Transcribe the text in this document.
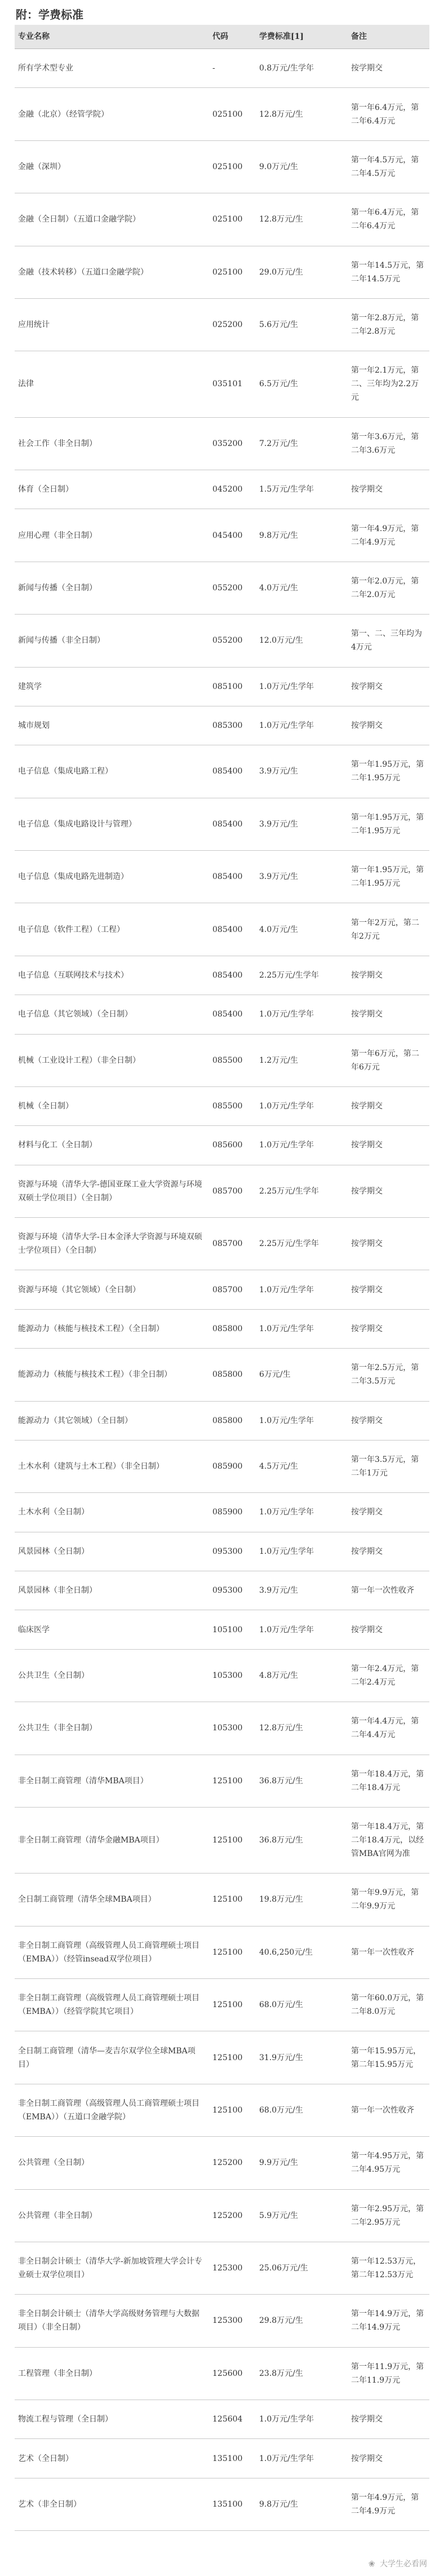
附：学费标准
专业名称	代码	学费标准[1]	备注
所有学术型专业	-	0.8万元/生学年	按学期交
金融（北京）（经管学院）	025100	12.8万元/生	第一年6.4万元，第二年6.4万元
金融（深圳）	025100	9.0万元/生	第一年4.5万元，第二年4.5万元
金融（全日制）（五道口金融学院）	025100	12.8万元/生	第一年6.4万元，第二年6.4万元
金融（技术转移）（五道口金融学院）	025100	29.0万元/生	第一年14.5万元，第二年14.5万元
应用统计	025200	5.6万元/生	第一年2.8万元，第二年2.8万元
法律	035101	6.5万元/生	第一年2.1万元，第二、三年均为2.2万元
社会工作（非全日制）	035200	7.2万元/生	第一年3.6万元，第二年3.6万元
体育（全日制）	045200	1.5万元/生学年	按学期交
应用心理（非全日制）	045400	9.8万元/生	第一年4.9万元，第二年4.9万元
新闻与传播（全日制）	055200	4.0万元/生	第一年2.0万元，第二年2.0万元
新闻与传播（非全日制）	055200	12.0万元/生	第一、二、三年均为4万元
建筑学	085100	1.0万元/生学年	按学期交
城市规划	085300	1.0万元/生学年	按学期交
电子信息（集成电路工程）	085400	3.9万元/生	第一年1.95万元，第二年1.95万元
电子信息（集成电路设计与管理）	085400	3.9万元/生	第一年1.95万元，第二年1.95万元
电子信息（集成电路先进制造）	085400	3.9万元/生	第一年1.95万元，第二年1.95万元
电子信息（软件工程）（工程）	085400	4.0万元/生	第一年2万元，第二年2万元
电子信息（互联网技术与技术）	085400	2.25万元/生学年	按学期交
电子信息（其它领域）（全日制）	085400	1.0万元/生学年	按学期交
机械（工业设计工程）（非全日制）	085500	1.2万元/生	第一年6万元，第二年6万元
机械（全日制）	085500	1.0万元/生学年	按学期交
材料与化工（全日制）	085600	1.0万元/生学年	按学期交
资源与环境（清华大学-德国亚琛工业大学资源与环境双硕士学位项目）（全日制）	085700	2.25万元/生学年	按学期交
资源与环境（清华大学-日本金泽大学资源与环境双硕士学位项目）（全日制）	085700	2.25万元/生学年	按学期交
资源与环境（其它领域）（全日制）	085700	1.0万元/生学年	按学期交
能源动力（核能与核技术工程）（全日制）	085800	1.0万元/生学年	按学期交
能源动力（核能与核技术工程）（非全日制）	085800	6万元/生	第一年2.5万元，第二年3.5万元
能源动力（其它领域）（全日制）	085800	1.0万元/生学年	按学期交
土木水利（建筑与土木工程）（非全日制）	085900	4.5万元/生	第一年3.5万元，第二年1万元
土木水利（全日制）	085900	1.0万元/生学年	按学期交
风景园林（全日制）	095300	1.0万元/生学年	按学期交
风景园林（非全日制）	095300	3.9万元/生	第一年一次性收齐
临床医学	105100	1.0万元/生学年	按学期交
公共卫生（全日制）	105300	4.8万元/生	第一年2.4万元，第二年2.4万元
公共卫生（非全日制）	105300	12.8万元/生	第一年4.4万元，第二年4.4万元
非全日制工商管理（清华MBA项目）	125100	36.8万元/生	第一年18.4万元，第二年18.4万元
非全日制工商管理（清华金融MBA项目）	125100	36.8万元/生	第一年18.4万元，第二年18.4万元，以经管MBA官网为准
全日制工商管理（清华全球MBA项目）	125100	19.8万元/生	第一年9.9万元，第二年9.9万元
非全日制工商管理（高级管理人员工商管理硕士项目（EMBA））（经管insead双学位项目）	125100	40.6,250元/生	第一年一次性收齐
非全日制工商管理（高级管理人员工商管理硕士项目（EMBA））（经管学院其它项目）	125100	68.0万元/生	第一年60.0万元，第二年8.0万元
全日制工商管理（清华—麦吉尔双学位全球MBA项目）	125100	31.9万元/生	第一年15.95万元，第二年15.95万元
非全日制工商管理（高级管理人员工商管理硕士项目（EMBA））（五道口金融学院）	125100	68.0万元/生	第一年一次性收齐
公共管理（全日制）	125200	9.9万元/生	第一年4.95万元，第二年4.95万元
公共管理（非全日制）	125200	5.9万元/生	第一年2.95万元，第二年2.95万元
非全日制会计硕士（清华大学-新加坡管理大学会计专业硕士双学位项目）	125300	25.06万元/生	第一年12.53万元，第二年12.53万元
非全日制会计硕士（清华大学高级财务管理与大数据项目）（非全日制）	125300	29.8万元/生	第一年14.9万元，第二年14.9万元
工程管理（非全日制）	125600	23.8万元/生	第一年11.9万元，第二年11.9万元
物流工程与管理（全日制）	125604	1.0万元/生学年	按学期交
艺术（全日制）	135100	1.0万元/生学年	按学期交
艺术（非全日制）	135100	9.8万元/生	第一年4.9万元，第二年4.9万元
❀ 大学生必看网
